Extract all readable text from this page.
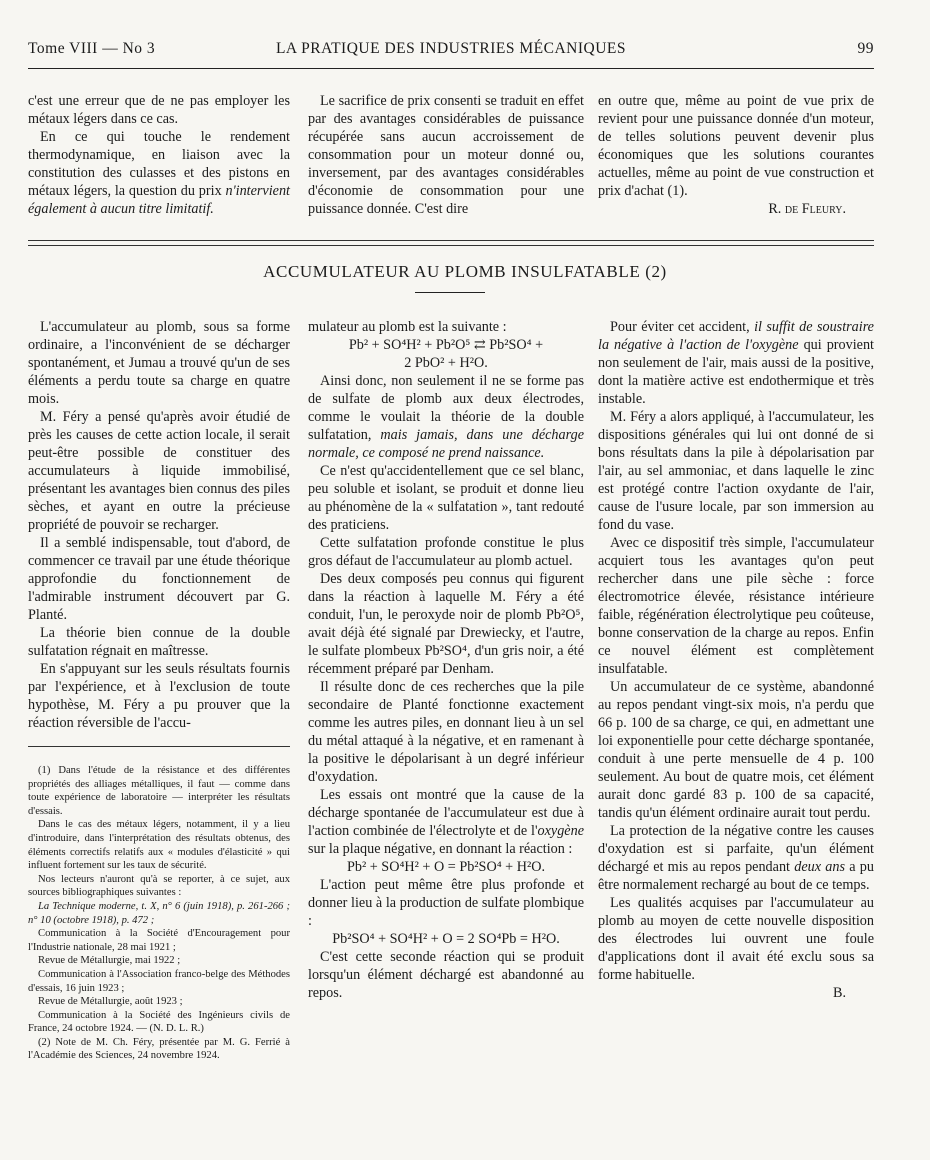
Tome VIII — No 3	LA PRATIQUE DES INDUSTRIES MÉCANIQUES	99

c'est une erreur que de ne pas employer les métaux légers dans ce cas.

En ce qui touche le rendement thermodynamique, en liaison avec la constitution des culasses et des pistons en métaux légers, la question du prix n'intervient également à aucun titre limitatif.

Le sacrifice de prix consenti se traduit en effet par des avantages considérables de puissance récupérée sans aucun accroissement de consommation pour un moteur donné ou, inversement, par des avantages considérables d'économie de consommation pour une puissance donnée. C'est dire

en outre que, même au point de vue prix de revient pour une puissance donnée d'un moteur, de telles solutions peuvent devenir plus économiques que les solutions courantes actuelles, même au point de vue construction et prix d'achat (1).

R. de Fleury.

ACCUMULATEUR AU PLOMB INSULFATABLE (2)

L'accumulateur au plomb, sous sa forme ordinaire, a l'inconvénient de se décharger spontanément, et Jumau a trouvé qu'un de ses éléments a perdu toute sa charge en quatre mois.

M. Féry a pensé qu'après avoir étudié de près les causes de cette action locale, il serait peut-être possible de constituer des accumulateurs à liquide immobilisé, présentant les avantages bien connus des piles sèches, et ayant en outre la précieuse propriété de pouvoir se recharger.

Il a semblé indispensable, tout d'abord, de commencer ce travail par une étude théorique approfondie du fonctionnement de l'admirable instrument découvert par G. Planté.

La théorie bien connue de la double sulfatation régnait en maîtresse.

En s'appuyant sur les seuls résultats fournis par l'expérience, et à l'exclusion de toute hypothèse, M. Féry a pu prouver que la réaction réversible de l'accu-

(1) Dans l'étude de la résistance et des différentes propriétés des alliages métalliques, il faut — comme dans toute expérience de laboratoire — interpréter les résultats d'essais.

Dans le cas des métaux légers, notamment, il y a lieu d'introduire, dans l'interprétation des résultats obtenus, des éléments correctifs relatifs aux « modules d'élasticité » qui influent fortement sur les taux de sécurité.

Nos lecteurs n'auront qu'à se reporter, à ce sujet, aux sources bibliographiques suivantes :

La Technique moderne, t. X, n° 6 (juin 1918), p. 261-266 ; n° 10 (octobre 1918), p. 472 ;

Communication à la Société d'Encouragement pour l'Industrie nationale, 28 mai 1921 ;

Revue de Métallurgie, mai 1922 ;

Communication à l'Association franco-belge des Méthodes d'essais, 16 juin 1923 ;

Revue de Métallurgie, août 1923 ;

Communication à la Société des Ingénieurs civils de France, 24 octobre 1924. — (N. D. L. R.)

(2) Note de M. Ch. Féry, présentée par M. G. Ferrié à l'Académie des Sciences, 24 novembre 1924.

mulateur au plomb est la suivante :

Pb² + SO⁴H² + Pb²O⁵ ⇄ Pb²SO⁴ +

2 PbO² + H²O.

Ainsi donc, non seulement il ne se forme pas de sulfate de plomb aux deux électrodes, comme le voulait la théorie de la double sulfatation, mais jamais, dans une décharge normale, ce composé ne prend naissance.

Ce n'est qu'accidentellement que ce sel blanc, peu soluble et isolant, se produit et donne lieu au phénomène de la « sulfatation », tant redouté des praticiens.

Cette sulfatation profonde constitue le plus gros défaut de l'accumulateur au plomb actuel.

Des deux composés peu connus qui figurent dans la réaction à laquelle M. Féry a été conduit, l'un, le peroxyde noir de plomb Pb²O⁵, avait déjà été signalé par Drewiecky, et l'autre, le sulfate plombeux Pb²SO⁴, d'un gris noir, a été récemment préparé par Denham.

Il résulte donc de ces recherches que la pile secondaire de Planté fonctionne exactement comme les autres piles, en donnant lieu à un sel du métal attaqué à la négative, et en ramenant à la positive le dépolarisant à un degré inférieur d'oxydation.

Les essais ont montré que la cause de la décharge spontanée de l'accumulateur est due à l'action combinée de l'électrolyte et de l'oxygène sur la plaque négative, en donnant la réaction :

Pb² + SO⁴H² + O = Pb²SO⁴ + H²O.

L'action peut même être plus profonde et donner lieu à la production de sulfate plombique :

Pb²SO⁴ + SO⁴H² + O = 2 SO⁴Pb = H²O.

C'est cette seconde réaction qui se produit lorsqu'un élément déchargé est abandonné au repos.

Pour éviter cet accident, il suffit de soustraire la négative à l'action de l'oxygène qui provient non seulement de l'air, mais aussi de la positive, dont la matière active est endothermique et très instable.

M. Féry a alors appliqué, à l'accumulateur, les dispositions générales qui lui ont donné de si bons résultats dans la pile à dépolarisation par l'air, au sel ammoniac, et dans laquelle le zinc est protégé contre l'action oxydante de l'air, cause de l'usure locale, par son immersion au fond du vase.

Avec ce dispositif très simple, l'accumulateur acquiert tous les avantages qu'on peut rechercher dans une pile sèche : force électromotrice élevée, résistance intérieure faible, régénération électrolytique peu coûteuse, bonne conservation de la charge au repos. Enfin ce nouvel élément est complètement insulfatable.

Un accumulateur de ce système, abandonné au repos pendant vingt-six mois, n'a perdu que 66 p. 100 de sa charge, ce qui, en admettant une loi exponentielle pour cette décharge spontanée, conduit à une perte mensuelle de 4 p. 100 seulement. Au bout de quatre mois, cet élément aurait donc gardé 83 p. 100 de sa capacité, tandis qu'un élément ordinaire aurait tout perdu.

La protection de la négative contre les causes d'oxydation est si parfaite, qu'un élément déchargé et mis au repos pendant deux ans a pu être normalement rechargé au bout de ce temps.

Les qualités acquises par l'accumulateur au plomb au moyen de cette nouvelle disposition des électrodes lui ouvrent une foule d'applications dont il avait été exclu sous sa forme habituelle.

B.
